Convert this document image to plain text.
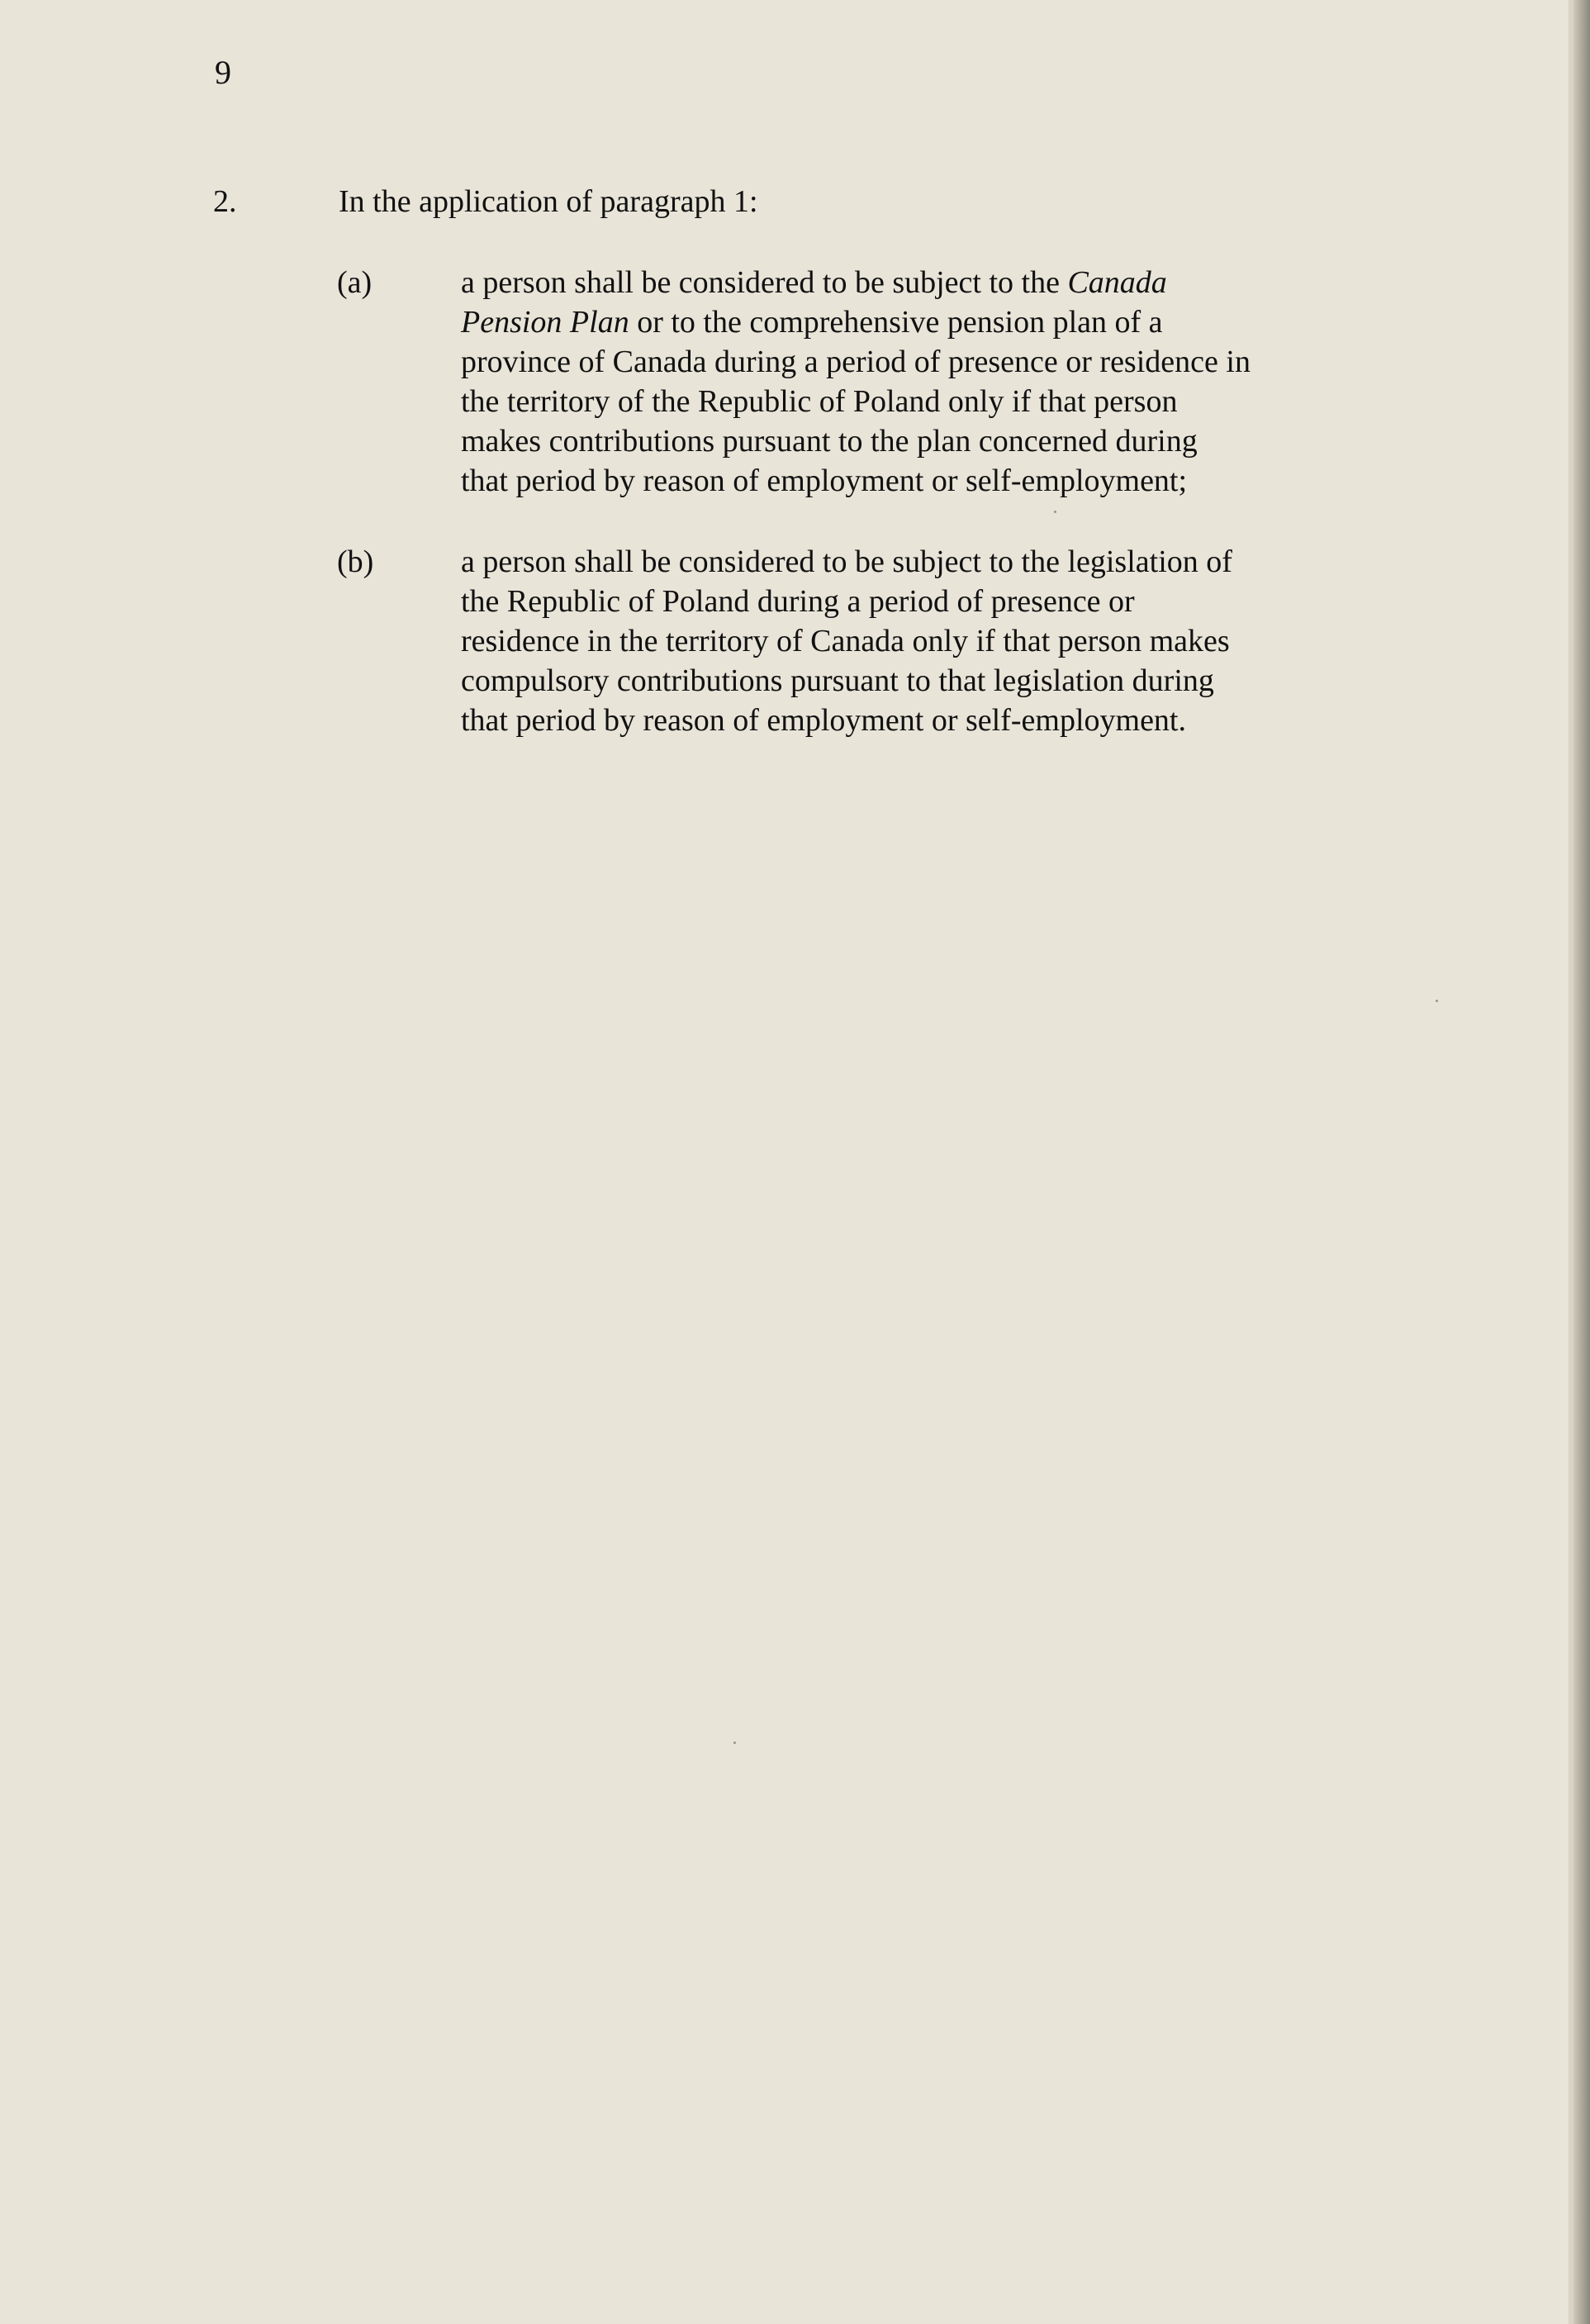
9
2.	In the application of paragraph 1:
(a)	a person shall be considered to be subject to the Canada
Pension Plan or to the comprehensive pension plan of a
province of Canada during a period of presence or residence in
the territory of the Republic of Poland only if that person
makes contributions pursuant to the plan concerned during
that period by reason of employment or self-employment;
(b)	a person shall be considered to be subject to the legislation of
the Republic of Poland during a period of presence or
residence in the territory of Canada only if that person makes
compulsory contributions pursuant to that legislation during
that period by reason of employment or self-employment.
